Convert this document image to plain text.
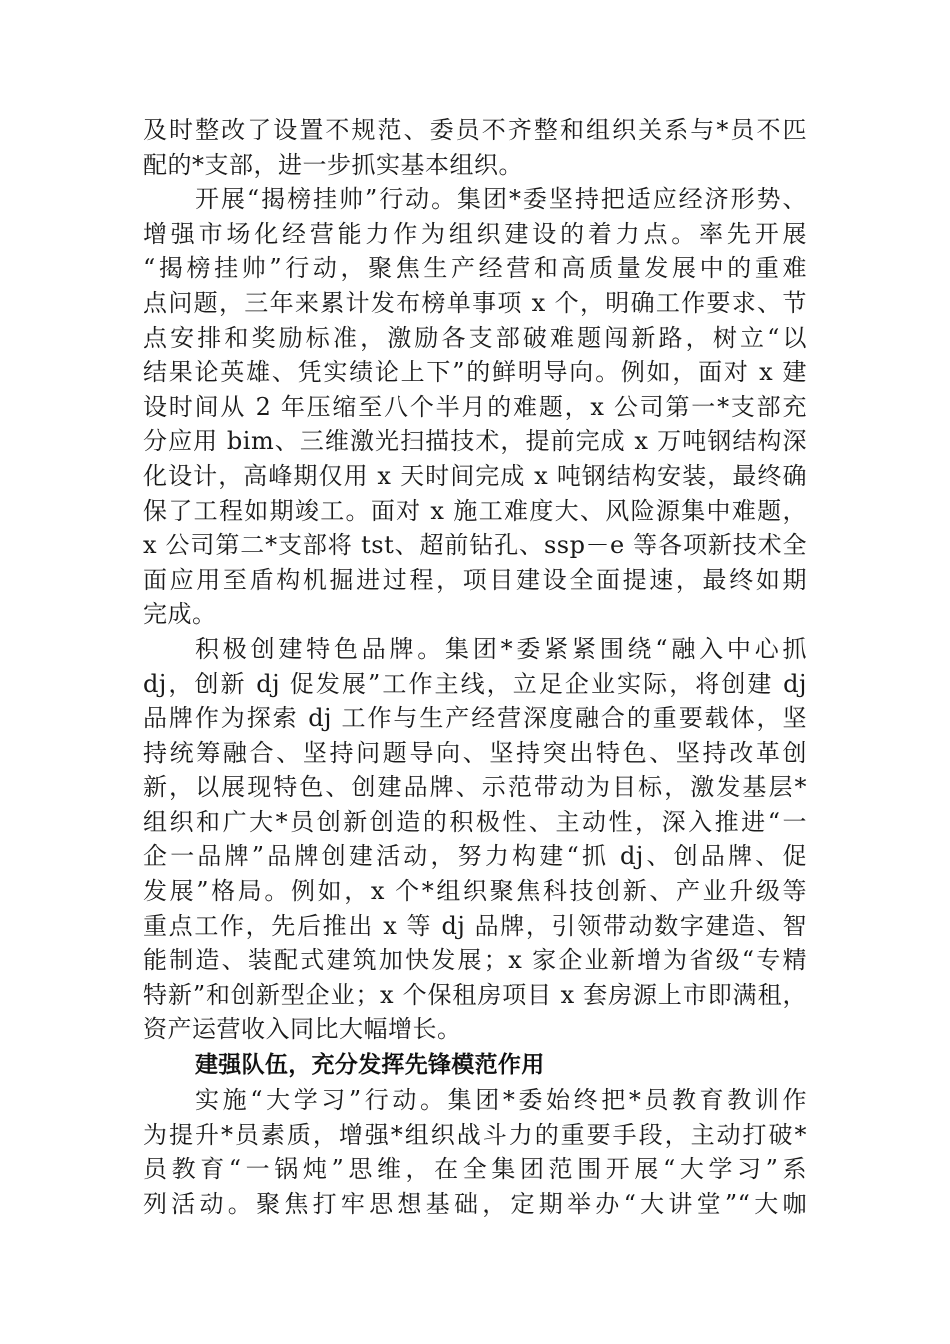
及时整改了设置不规范、委员不齐整和组织关系与*员不匹
配的*支部，进一步抓实基本组织。
开展“揭榜挂帅”行动。集团*委坚持把适应经济形势、
增强市场化经营能力作为组织建设的着力点。率先开展
“揭榜挂帅”行动，聚焦生产经营和高质量发展中的重难
点问题，三年来累计发布榜单事项 x 个，明确工作要求、节
点安排和奖励标准，激励各支部破难题闯新路，树立“以
结果论英雄、凭实绩论上下”的鲜明导向。例如，面对 x 建
设时间从 2 年压缩至八个半月的难题，x 公司第一*支部充
分应用 bim、三维激光扫描技术，提前完成 x 万吨钢结构深
化设计，高峰期仅用 x 天时间完成 x 吨钢结构安装，最终确
保了工程如期竣工。面对 x 施工难度大、风险源集中难题，
x 公司第二*支部将 tst、超前钻孔、ssp－e 等各项新技术全
面应用至盾构机掘进过程，项目建设全面提速，最终如期
完成。
积极创建特色品牌。集团*委紧紧围绕“融入中心抓
dj，创新 dj 促发展”工作主线，立足企业实际，将创建 dj
品牌作为探索 dj 工作与生产经营深度融合的重要载体，坚
持统筹融合、坚持问题导向、坚持突出特色、坚持改革创
新，以展现特色、创建品牌、示范带动为目标，激发基层*
组织和广大*员创新创造的积极性、主动性，深入推进“一
企一品牌”品牌创建活动，努力构建“抓 dj、创品牌、促
发展”格局。例如，x 个*组织聚焦科技创新、产业升级等
重点工作，先后推出 x 等 dj 品牌，引领带动数字建造、智
能制造、装配式建筑加快发展；x 家企业新增为省级“专精
特新”和创新型企业；x 个保租房项目 x 套房源上市即满租，
资产运营收入同比大幅增长。
建强队伍，充分发挥先锋模范作用
实施“大学习”行动。集团*委始终把*员教育教训作
为提升*员素质，增强*组织战斗力的重要手段，主动打破*
员教育“一锅炖”思维，在全集团范围开展“大学习”系
列活动。聚焦打牢思想基础，定期举办“大讲堂”“大咖
